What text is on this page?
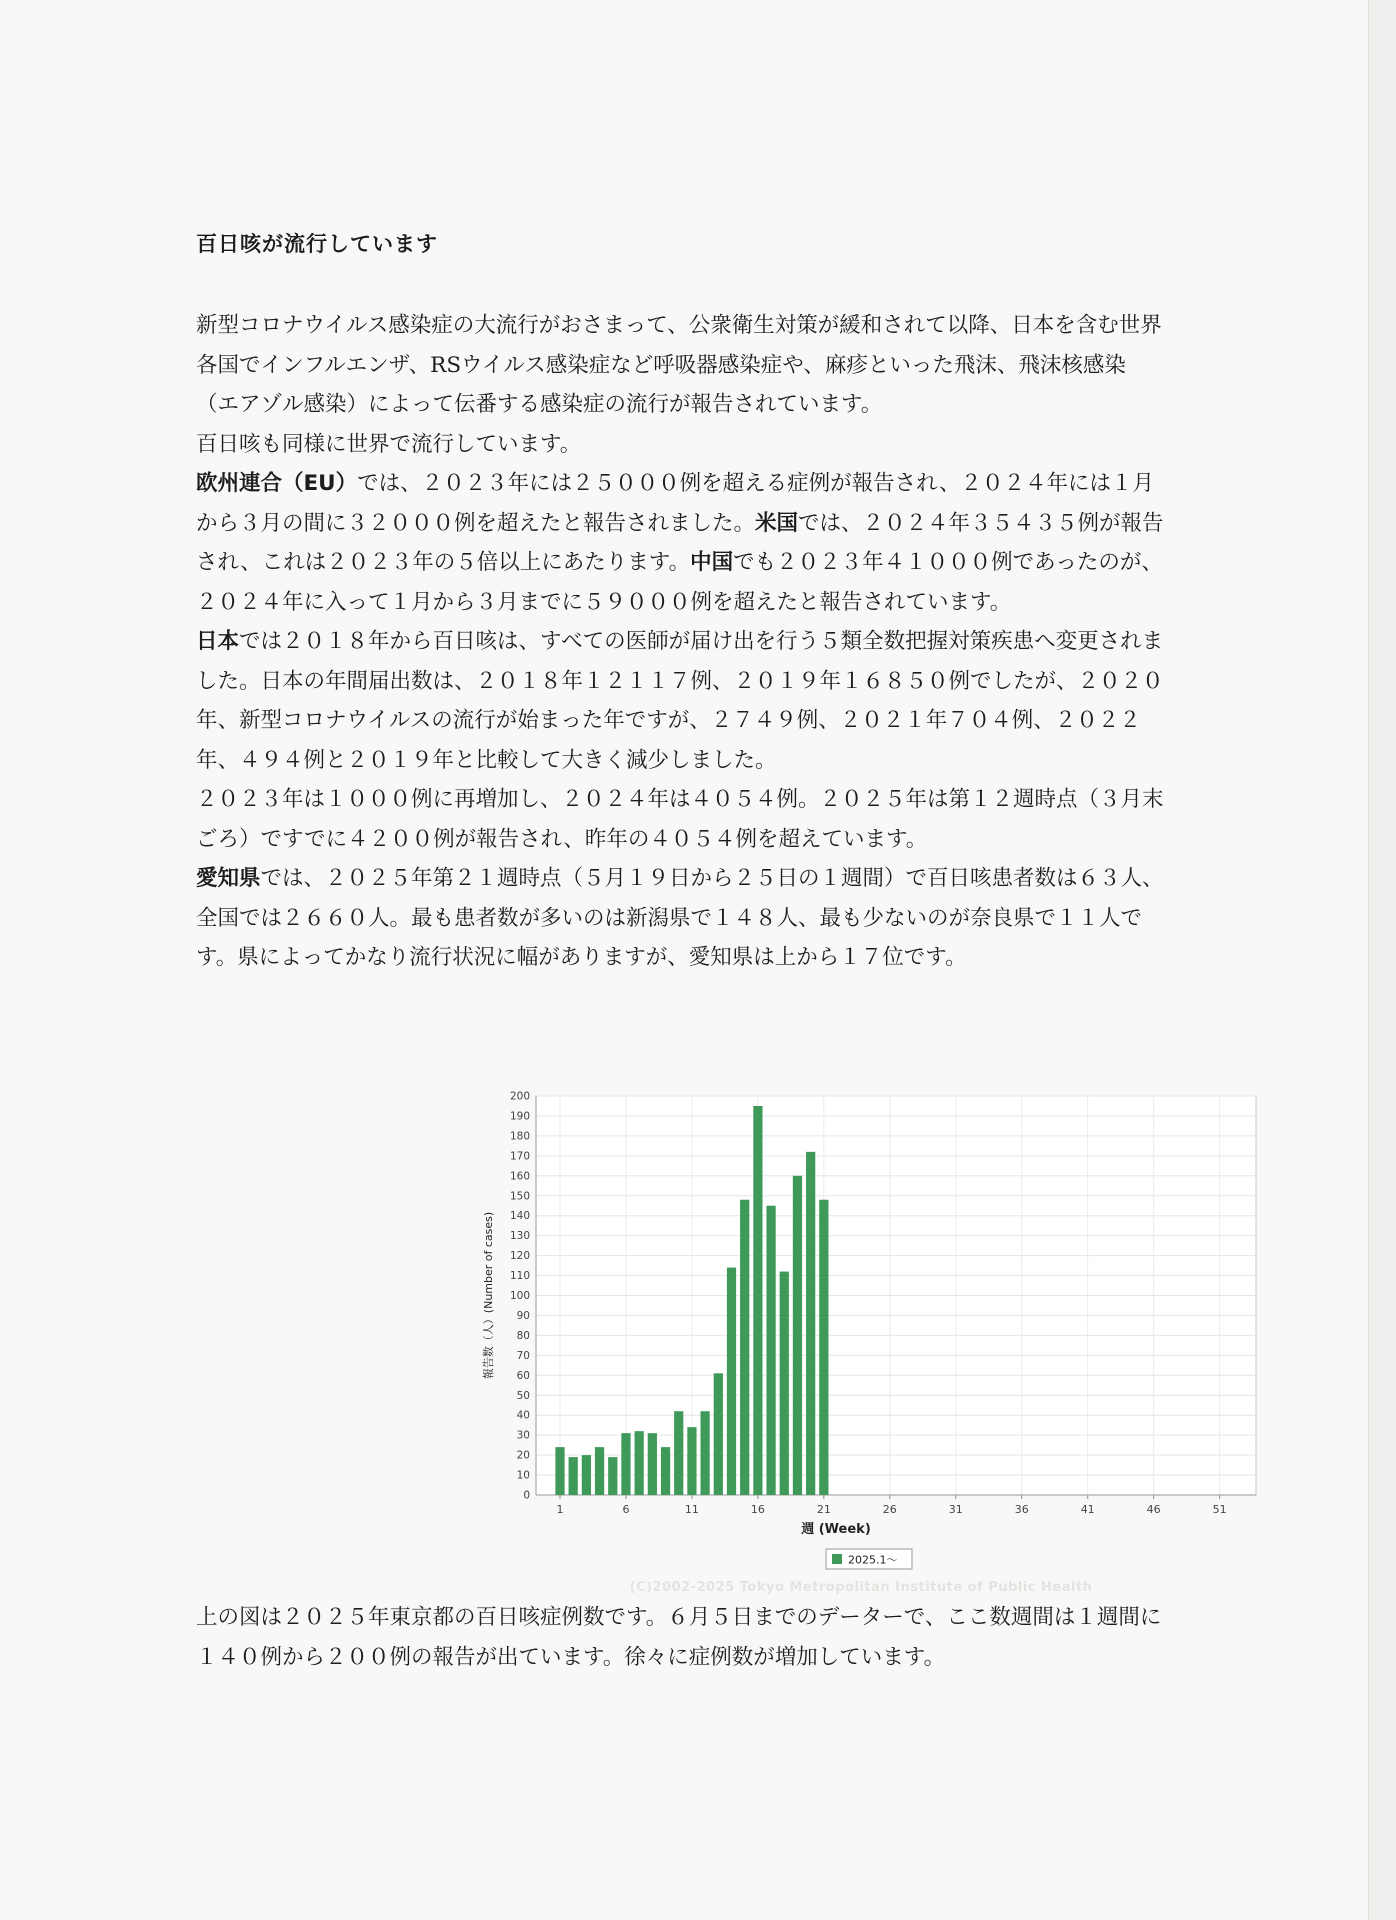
百日咳が流行しています

新型コロナウイルス感染症の大流行がおさまって、公衆衛生対策が緩和されて以降、日本を含む世界各国でインフルエンザ、RSウイルス感染症など呼吸器感染症や、麻疹といった飛沫、飛沫核感染（エアゾル感染）によって伝番する感染症の流行が報告されています。

百日咳も同様に世界で流行しています。

欧州連合（EU）では、２０２３年には２５０００例を超える症例が報告され、２０２４年には１月から３月の間に３２０００例を超えたと報告されました。米国では、２０２４年３５４３５例が報告され、これは２０２３年の５倍以上にあたります。中国でも２０２３年４１０００例であったのが、２０２４年に入って１月から３月までに５９０００例を超えたと報告されています。

日本では２０１８年から百日咳は、すべての医師が届け出を行う５類全数把握対策疾患へ変更されました。日本の年間届出数は、２０１８年１２１１７例、２０１９年１６８５０例でしたが、２０２０年、新型コロナウイルスの流行が始まった年ですが、２７４９例、２０２１年７０４例、２０２２年、４９４例と２０１９年と比較して大きく減少しました。

２０２３年は１０００例に再増加し、２０２４年は４０５４例。２０２５年は第１２週時点（３月末ごろ）ですでに４２００例が報告され、昨年の４０５４例を超えています。

愛知県では、２０２５年第２１週時点（５月１９日から２５日の１週間）で百日咳患者数は６３人、全国では２６６０人。最も患者数が多いのは新潟県で１４８人、最も少ないのが奈良県で１１人です。県によってかなり流行状況に幅がありますが、愛知県は上から１７位です。

0
10
20
30
40
50
60
70
80
90
100
110
120
130
140
150
160
170
180
190
200
1	6	11	16	21	26	31	36	41	46	51
週 (Week)
報告数（人）(Number of cases)
2025.1～
(C)2002-2025 Tokyo Metropolitan Institute of Public Health

上の図は２０２５年東京都の百日咳症例数です。６月５日までのデーターで、ここ数週間は１週間に１４０例から２００例の報告が出ています。徐々に症例数が増加しています。
